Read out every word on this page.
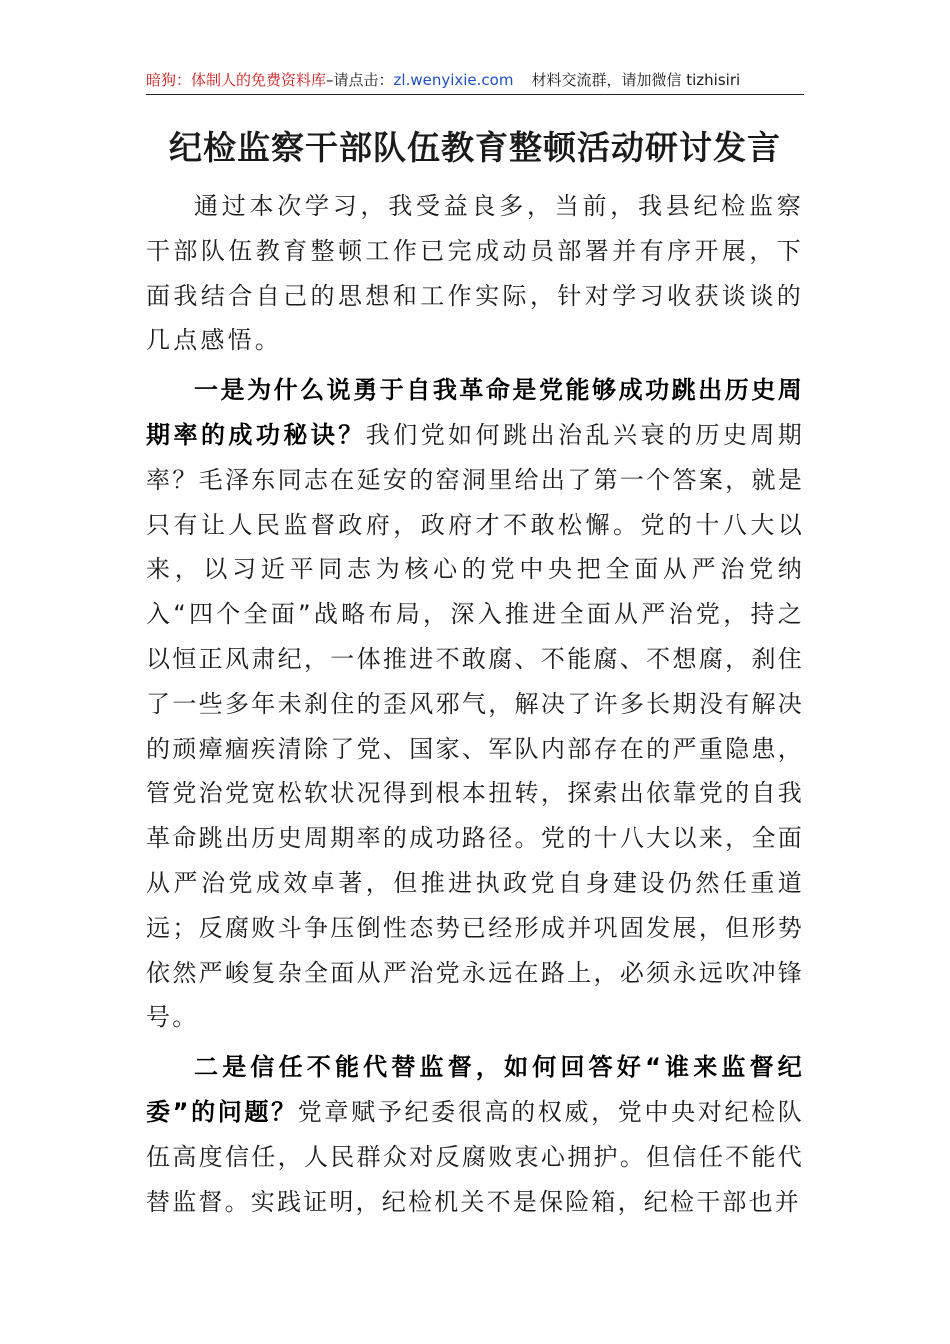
暗狗：体制人的免费资料库 –请点击： zl.wenyixie.com 材料交流群，请加微信 tizhisiri
纪检监察干部队伍教育整顿活动研讨发言

通过本次学习，我受益良多，当前，我县纪检监察干部队伍教育整顿工作已完成动员部署并有序开展，下面我结合自己的思想和工作实际，针对学习收获谈谈的几点感悟。

一是为什么说勇于自我革命是党能够成功跳出历史周期率的成功秘诀？我们党如何跳出治乱兴衰的历史周期率？毛泽东同志在延安的窑洞里给出了第一个答案，就是只有让人民监督政府，政府才不敢松懈。党的十八大以来，以习近平同志为核心的党中央把全面从严治党纳入“四个全面”战略布局，深入推进全面从严治党，持之以恒正风肃纪，一体推进不敢腐、不能腐、不想腐，刹住了一些多年未刹住的歪风邪气，解决了许多长期没有解决的顽瘴痼疾清除了党、国家、军队内部存在的严重隐患，管党治党宽松软状况得到根本扭转，探索出依靠党的自我革命跳出历史周期率的成功路径。党的十八大以来，全面从严治党成效卓著，但推进执政党自身建设仍然任重道远；反腐败斗争压倒性态势已经形成并巩固发展，但形势依然严峻复杂全面从严治党永远在路上，必须永远吹冲锋号。

二是信任不能代替监督，如何回答好“谁来监督纪委”的问题？党章赋予纪委很高的权威，党中央对纪检队伍高度信任，人民群众对反腐败衷心拥护。但信任不能代替监督。实践证明，纪检机关不是保险箱，纪检干部也并
